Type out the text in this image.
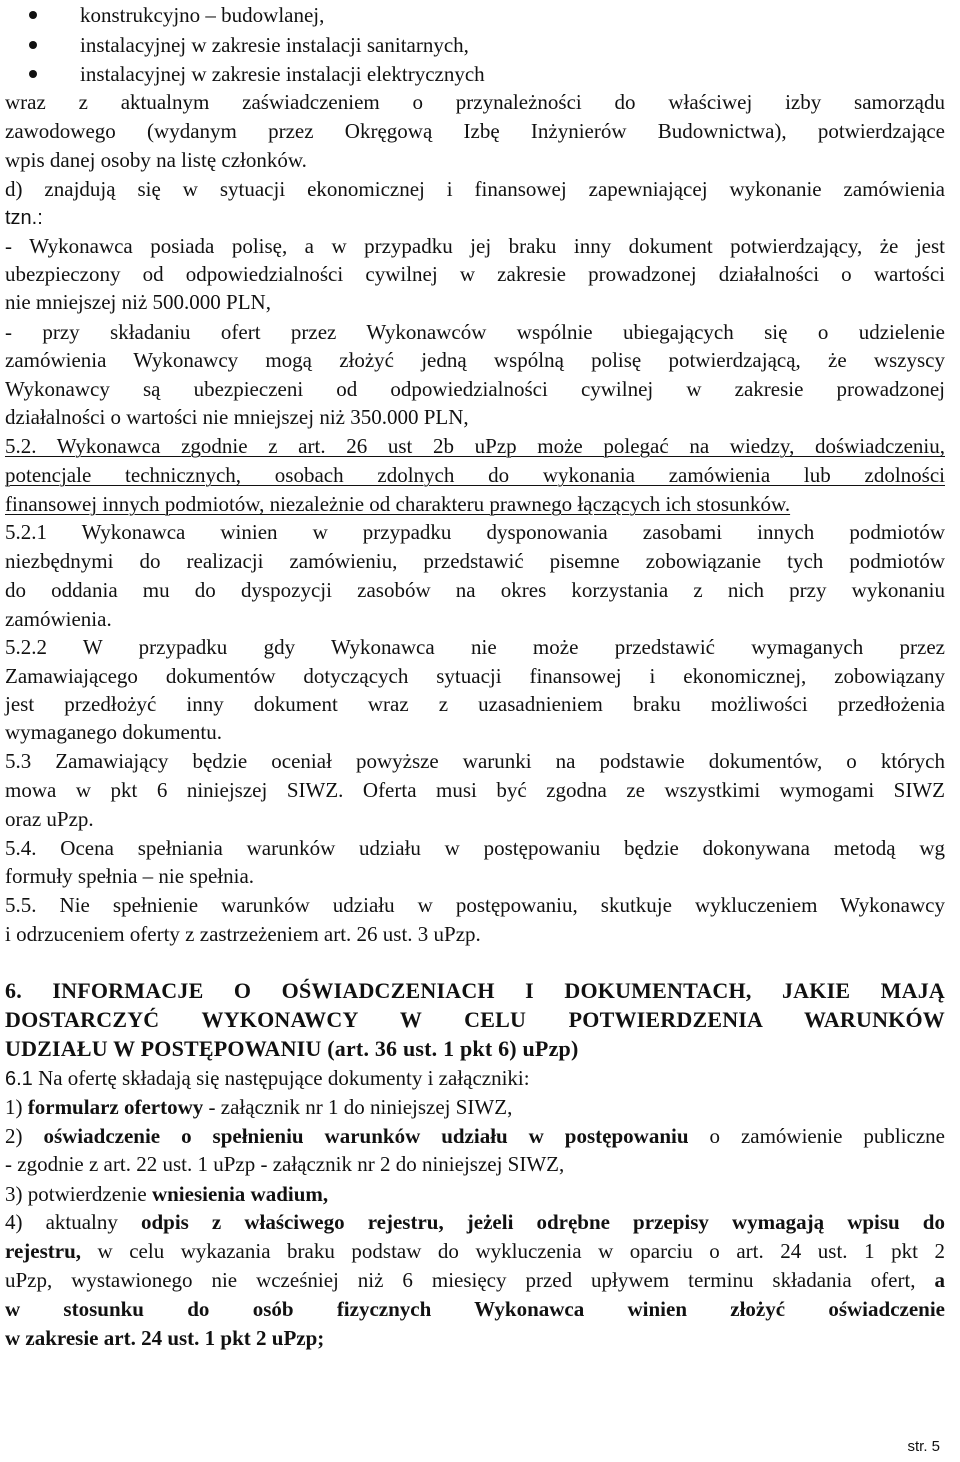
konstrukcyjno – budowlanej,
instalacyjnej w zakresie instalacji sanitarnych,
instalacyjnej w zakresie instalacji elektrycznych
wraz z aktualnym zaświadczeniem o przynależności do właściwej izby samorządu
zawodowego (wydanym przez Okręgową Izbę Inżynierów Budownictwa), potwierdzające
wpis danej osoby na listę członków.
d) znajdują się w sytuacji ekonomicznej i finansowej zapewniającej wykonanie zamówienia
tzn.:
- Wykonawca posiada polisę, a w przypadku jej braku inny dokument potwierdzający, że jest
ubezpieczony od odpowiedzialności cywilnej w zakresie prowadzonej działalności o wartości
nie mniejszej niż 500.000 PLN,
- przy składaniu ofert przez Wykonawców wspólnie ubiegających się o udzielenie
zamówienia Wykonawcy mogą złożyć jedną wspólną polisę potwierdzającą, że wszyscy
Wykonawcy są ubezpieczeni od odpowiedzialności cywilnej w zakresie prowadzonej
działalności o wartości nie mniejszej niż 350.000 PLN,
5.2. Wykonawca zgodnie z art. 26 ust 2b uPzp może polegać na wiedzy, doświadczeniu,
potencjale technicznych, osobach zdolnych do wykonania zamówienia lub zdolności
finansowej innych podmiotów, niezależnie od charakteru prawnego łączących ich stosunków.
5.2.1 Wykonawca winien w przypadku dysponowania zasobami innych podmiotów
niezbędnymi do realizacji zamówieniu, przedstawić pisemne zobowiązanie tych podmiotów
do oddania mu do dyspozycji zasobów na okres korzystania z nich przy wykonaniu
zamówienia.
5.2.2 W przypadku gdy Wykonawca nie może przedstawić wymaganych przez
Zamawiającego dokumentów dotyczących sytuacji finansowej i ekonomicznej, zobowiązany
jest przedłożyć inny dokument wraz z uzasadnieniem braku możliwości przedłożenia
wymaganego dokumentu.
5.3 Zamawiający będzie oceniał powyższe warunki na podstawie dokumentów, o których
mowa w pkt 6 niniejszej SIWZ. Oferta musi być zgodna ze wszystkimi wymogami SIWZ
oraz uPzp.
5.4. Ocena spełniania warunków udziału w postępowaniu będzie dokonywana metodą wg
formuły spełnia – nie spełnia.
5.5. Nie spełnienie warunków udziału w postępowaniu, skutkuje wykluczeniem Wykonawcy
i odrzuceniem oferty z zastrzeżeniem art. 26 ust. 3 uPzp.
6. INFORMACJE O OŚWIADCZENIACH I DOKUMENTACH, JAKIE MAJĄ
DOSTARCZYĆ WYKONAWCY W CELU POTWIERDZENIA WARUNKÓW
UDZIAŁU W POSTĘPOWANIU (art. 36 ust. 1 pkt 6) uPzp)
6.1 Na ofertę składają się następujące dokumenty i załączniki:
1) formularz ofertowy - załącznik nr 1 do niniejszej SIWZ,
2) oświadczenie o spełnieniu warunków udziału w postępowaniu o zamówienie publiczne
- zgodnie z art. 22 ust. 1 uPzp - załącznik nr 2 do niniejszej SIWZ,
3) potwierdzenie wniesienia wadium,
4) aktualny odpis z właściwego rejestru, jeżeli odrębne przepisy wymagają wpisu do
rejestru, w celu wykazania braku podstaw do wykluczenia w oparciu o art. 24 ust. 1 pkt 2
uPzp, wystawionego nie wcześniej niż 6 miesięcy przed upływem terminu składania ofert, a
w stosunku do osób fizycznych Wykonawca winien złożyć oświadczenie
w zakresie art. 24 ust. 1 pkt 2 uPzp;
str. 5
